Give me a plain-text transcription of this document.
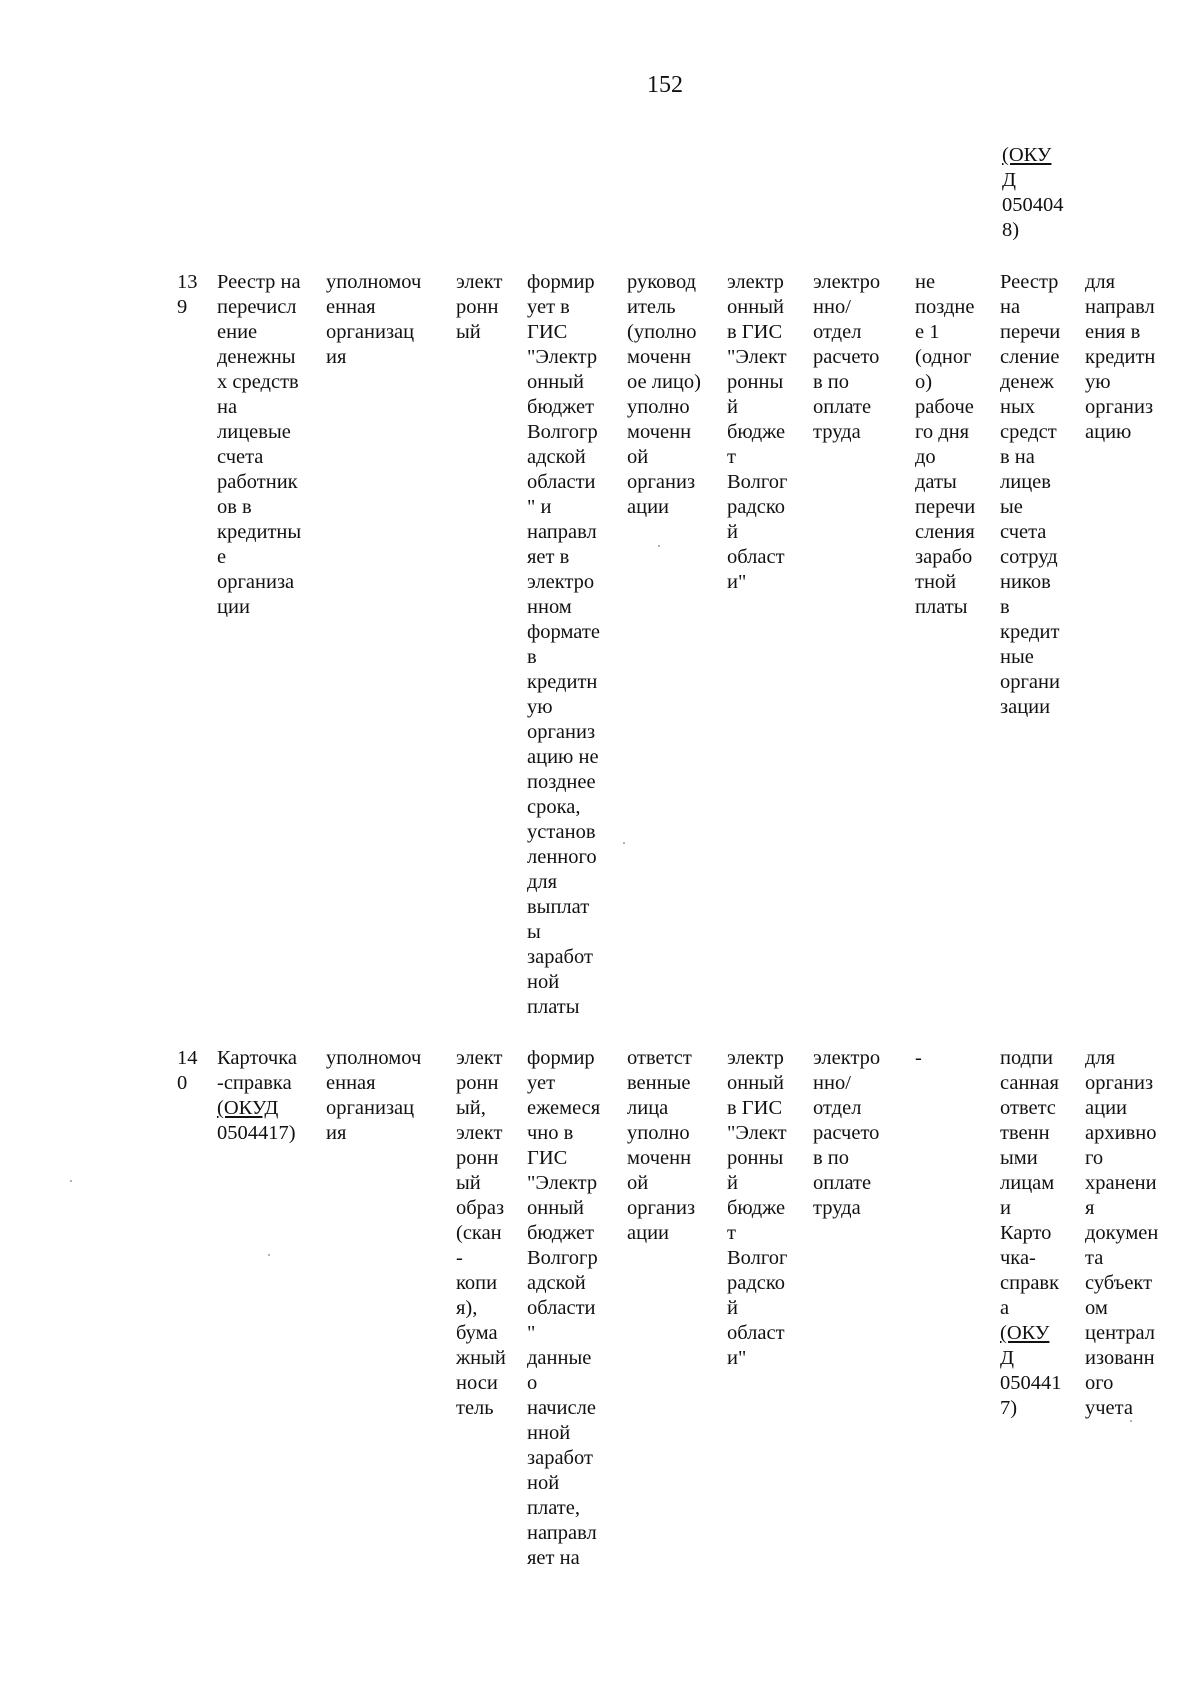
152
(ОКУ
Д
050404
8)
13
9
Реестр на
перечисл
ение
денежны
х средств
на
лицевые
счета
работник
ов в
кредитны
е
организа
ции
уполномоч
енная
организац
ия
элект
ронн
ый
формир
ует в
ГИС
"Электр
онный
бюджет
Волгогр
адской
области
" и
направл
яет в
электро
нном
формате
в
кредитн
ую
организ
ацию не
позднее
срока,
установ
ленного
для
выплат
ы
заработ
ной
платы
руковод
итель
(уполно
моченн
ое лицо)
уполно
моченн
ой
организ
ации
электр
онный
в ГИС
"Элект
ронны
й
бюдже
т
Волгог
радско
й
област
и"
электро
нно/
отдел
расчето
в по
оплате
труда
не
поздне
е 1
(одног
о)
рабоче
го дня
до
даты
перечи
сления
зарабо
тной
платы
Реестр
на
перечи
сление
денеж
ных
средст
в на
лицев
ые
счета
сотруд
ников
в
кредит
ные
органи
зации
для
направл
ения в
кредитн
ую
организ
ацию
14
0
Карточка
-справка
(ОКУД
0504417)
уполномоч
енная
организац
ия
элект
ронн
ый,
элект
ронн
ый
образ
(скан
-
копи
я),
бума
жный
носи
тель
формир
ует
ежемеся
чно в
ГИС
"Электр
онный
бюджет
Волгогр
адской
области
"
данные
о
начисле
нной
заработ
ной
плате,
направл
яет на
ответст
венные
лица
уполно
моченн
ой
организ
ации
электр
онный
в ГИС
"Элект
ронны
й
бюдже
т
Волгог
радско
й
област
и"
электро
нно/
отдел
расчето
в по
оплате
труда
-	подпи
санная
ответс
твенн
ыми
лицам
и
Карто
чка-
справк
а
(ОКУ
Д
050441
7)
для
организ
ации
архивно
го
хранени
я
докумен
та
субъект
ом
централ
изованн
ого
учета
